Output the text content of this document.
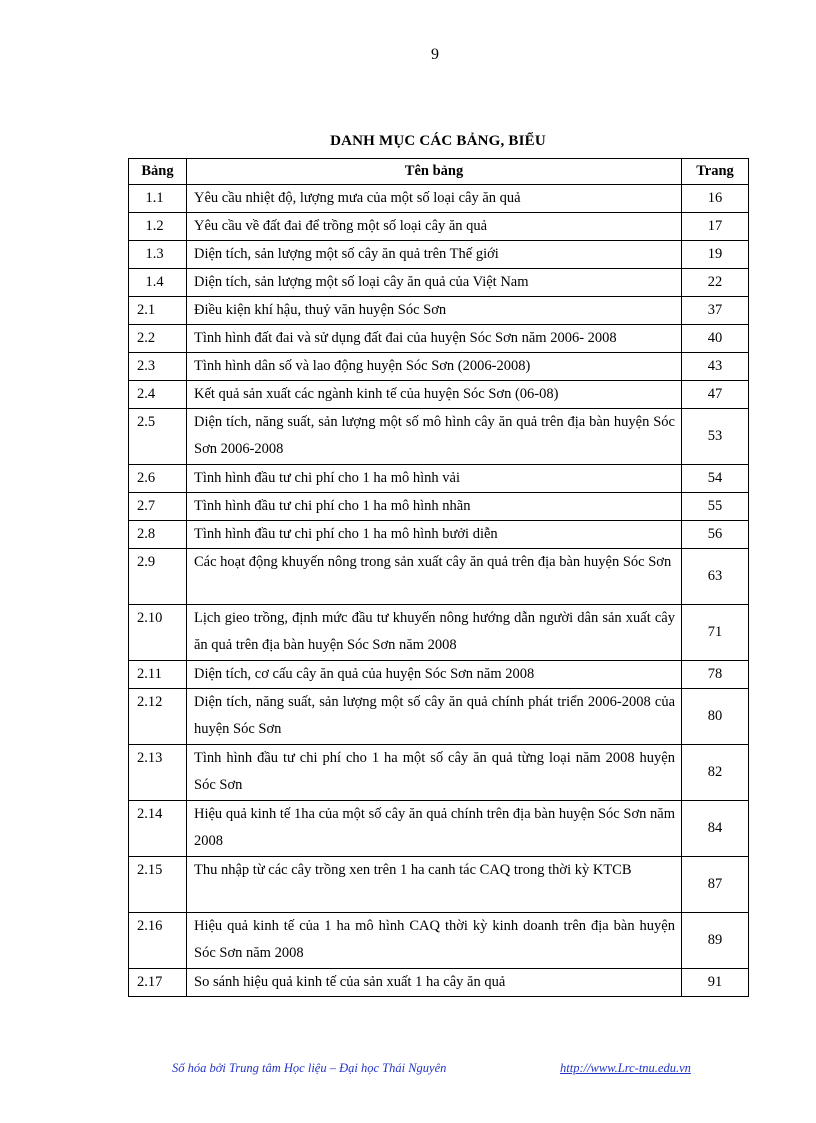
9
DANH MỤC CÁC BẢNG, BIỂU
Bảng	Tên bảng	Trang
1.1	Yêu cầu nhiệt độ, lượng mưa của một số loại cây ăn quả	16
1.2	Yêu cầu về đất đai để trồng một số loại cây ăn quả	17
1.3	Diện tích, sản lượng một số cây ăn quả trên Thế giới	19
1.4	Diện tích, sản lượng một số loại cây ăn quả của Việt Nam	22
2.1	Điều kiện khí hậu, thuỷ văn huyện Sóc Sơn	37
2.2	Tình hình đất đai và sử dụng đất đai của huyện Sóc Sơn năm 2006- 2008	40
2.3	Tình hình dân số và lao động huyện Sóc Sơn (2006-2008)	43
2.4	Kết quả sản xuất các ngành kinh tế của huyện Sóc Sơn (06-08)	47
2.5	Diện tích, năng suất, sản lượng một số mô hình cây ăn quả trên địa bàn huyện Sóc Sơn 2006-2008	53
2.6	Tình hình đầu tư chi phí cho 1 ha mô hình vải	54
2.7	Tình hình đầu tư chi phí cho 1 ha mô hình nhãn	55
2.8	Tình hình đầu tư chi phí cho 1 ha mô hình bưởi diễn	56
2.9	Các hoạt động khuyến nông trong sản xuất cây ăn quả trên địa bàn huyện Sóc Sơn	63
2.10	Lịch gieo trồng, định mức đầu tư khuyến nông hướng dẫn người dân sản xuất cây ăn quả trên địa bàn huyện Sóc Sơn năm 2008	71
2.11	Diện tích, cơ cấu cây ăn quả của huyện Sóc Sơn năm 2008	78
2.12	Diện tích, năng suất, sản lượng một số cây ăn quả chính phát triển 2006-2008 của huyện Sóc Sơn	80
2.13	Tình hình đầu tư chi phí cho 1 ha một số cây ăn quả từng loại năm 2008 huyện Sóc Sơn	82
2.14	Hiệu quả kinh tế 1ha của một số cây ăn quả chính trên địa bàn huyện Sóc Sơn năm 2008	84
2.15	Thu nhập từ các cây trồng xen trên 1 ha canh tác CAQ trong thời kỳ KTCB	87
2.16	Hiệu quả kinh tế của 1 ha mô hình CAQ thời kỳ kinh doanh trên địa bàn huyện Sóc Sơn năm 2008	89
2.17	So sánh hiệu quả kinh tế của sản xuất 1 ha cây ăn quả	91
Số hóa bởi Trung tâm Học liệu – Đại học Thái Nguyên	http://www.Lrc-tnu.edu.vn
